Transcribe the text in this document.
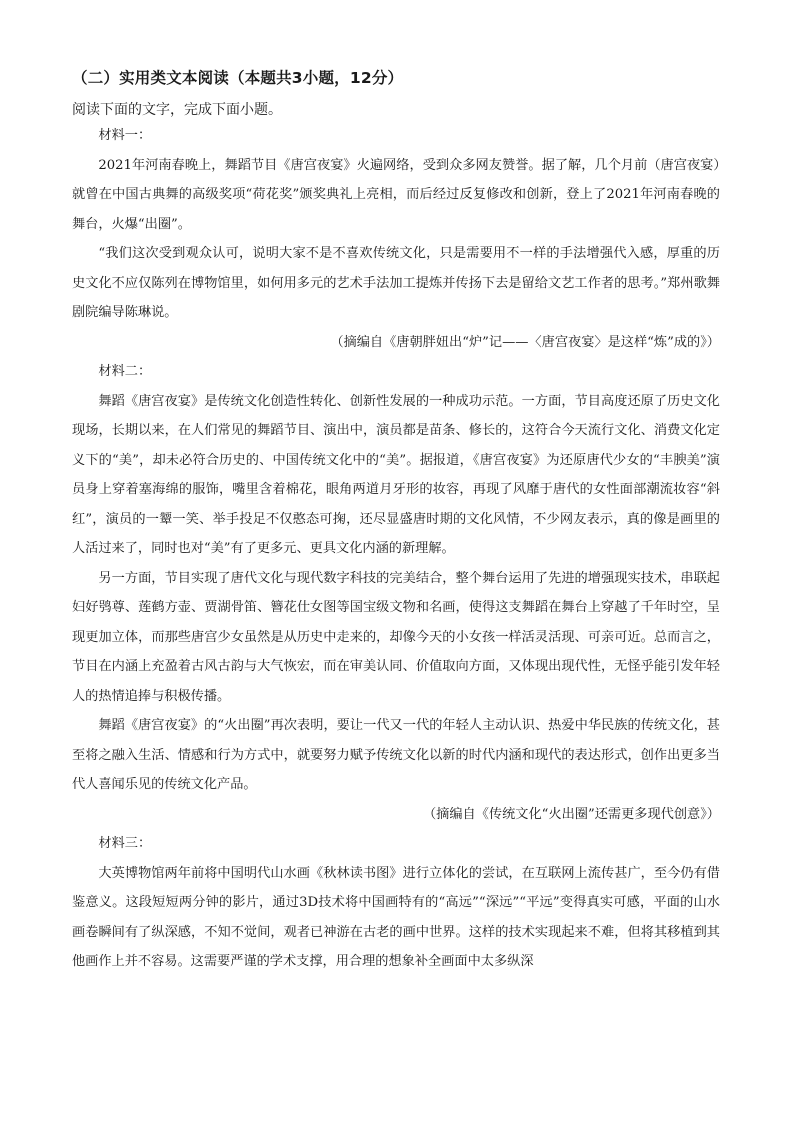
（二）实用类文本阅读（本题共3小题，12分）
阅读下面的文字，完成下面小题。

材料一：

2021年河南春晚上，舞蹈节目《唐宫夜宴》火遍网络，受到众多网友赞誉。据了解，几个月前（唐宫夜宴）就曾在中国古典舞的高级奖项“荷花奖”颁奖典礼上亮相，而后经过反复修改和创新，登上了2021年河南春晚的舞台，火爆“出圈”。

“我们这次受到观众认可，说明大家不是不喜欢传统文化，只是需要用不一样的手法增强代入感，厚重的历史文化不应仅陈列在博物馆里，如何用多元的艺术手法加工提炼并传扬下去是留给文艺工作者的思考。”郑州歌舞剧院编导陈琳说。

（摘编自《唐朝胖妞出“炉”记——〈唐宫夜宴〉是这样“炼”成的》）

材料二：

舞蹈《唐宫夜宴》是传统文化创造性转化、创新性发展的一种成功示范。一方面，节目高度还原了历史文化现场，长期以来，在人们常见的舞蹈节目、演出中，演员都是苗条、修长的，这符合今天流行文化、消费文化定义下的“美”，却未必符合历史的、中国传统文化中的“美”。据报道，《唐宫夜宴》为还原唐代少女的“丰腴美”演员身上穿着塞海绵的服饰，嘴里含着棉花，眼角两道月牙形的妆容，再现了风靡于唐代的女性面部潮流妆容“斜红”，演员的一颦一笑、举手投足不仅憨态可掬，还尽显盛唐时期的文化风情，不少网友表示，真的像是画里的人活过来了，同时也对“美”有了更多元、更具文化内涵的新理解。

另一方面，节目实现了唐代文化与现代数字科技的完美结合，整个舞台运用了先进的增强现实技术，串联起妇好鸮尊、莲鹤方壶、贾湖骨笛、簪花仕女图等国宝级文物和名画，使得这支舞蹈在舞台上穿越了千年时空，呈现更加立体，而那些唐宫少女虽然是从历史中走来的，却像今天的小女孩一样活灵活现、可亲可近。总而言之，节目在内涵上充盈着古风古韵与大气恢宏，而在审美认同、价值取向方面，又体现出现代性，无怪乎能引发年轻人的热情追捧与积极传播。

舞蹈《唐宫夜宴》的“火出圈”再次表明，要让一代又一代的年轻人主动认识、热爱中华民族的传统文化，甚至将之融入生活、情感和行为方式中，就要努力赋予传统文化以新的时代内涵和现代的表达形式，创作出更多当代人喜闻乐见的传统文化产品。

（摘编自《传统文化“火出圈”还需更多现代创意》）

材料三：

大英博物馆两年前将中国明代山水画《秋林读书图》进行立体化的尝试，在互联网上流传甚广，至今仍有借鉴意义。这段短短两分钟的影片，通过3D技术将中国画特有的“高远”“深远”“平远”变得真实可感，平面的山水画卷瞬间有了纵深感，不知不觉间，观者已神游在古老的画中世界。这样的技术实现起来不难，但将其移植到其他画作上并不容易。这需要严谨的学术支撑，用合理的想象补全画面中太多纵深
